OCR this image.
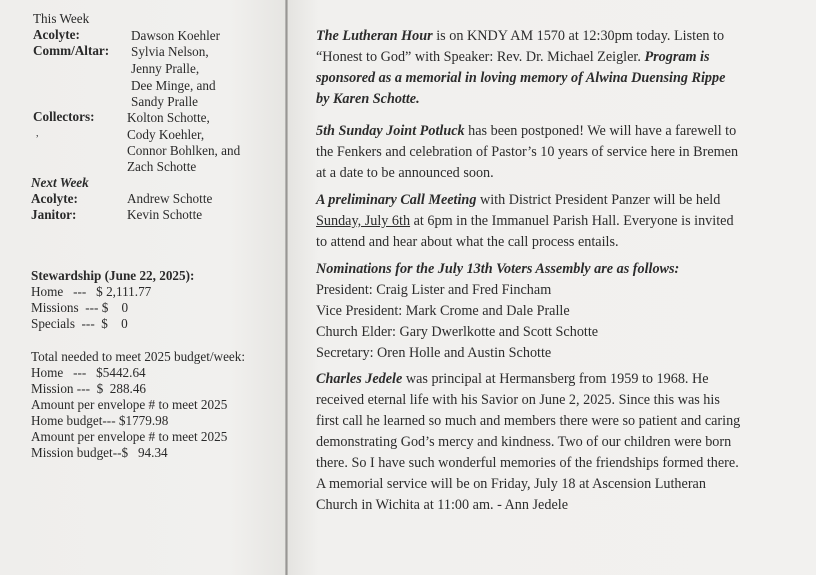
This Week
Acolyte:	Dawson Koehler
Comm/Altar: Sylvia Nelson,
Jenny Pralle,
Dee Minge, and
Sandy Pralle
Collectors: Kolton Schotte,
Cody Koehler,
Connor Bohlken, and
Zach Schotte
,
Next Week
Acolyte:	Andrew Schotte
Janitor:	Kevin Schotte
Stewardship (June 22, 2025):
Home   ---   $ 2,111.77
Missions  --- $    0
Specials  ---  $    0
Total needed to meet 2025 budget/week:
Home   ---   $5442.64
Mission ---  $  288.46
Amount per envelope # to meet 2025
Home budget--- $1779.98
Amount per envelope # to meet 2025
Mission budget--$   94.34
The Lutheran Hour is on KNDY AM 1570 at 12:30pm today. Listen to
“Honest to God” with Speaker: Rev. Dr. Michael Zeigler. Program is
sponsored as a memorial in loving memory of Alwina Duensing Rippe
by Karen Schotte.
5th Sunday Joint Potluck has been postponed! We will have a farewell to
the Fenkers and celebration of Pastor’s 10 years of service here in Bremen
at a date to be announced soon.
A preliminary Call Meeting with District President Panzer will be held
Sunday, July 6th at 6pm in the Immanuel Parish Hall. Everyone is invited
to attend and hear about what the call process entails.
Nominations for the July 13th Voters Assembly are as follows:
President: Craig Lister and Fred Fincham
Vice President: Mark Crome and Dale Pralle
Church Elder: Gary Dwerlkotte and Scott Schotte
Secretary: Oren Holle and Austin Schotte
Charles Jedele was principal at Hermansberg from 1959 to 1968. He
received eternal life with his Savior on June 2, 2025. Since this was his
first call he learned so much and members there were so patient and caring
demonstrating God’s mercy and kindness. Two of our children were born
there. So I have such wonderful memories of the friendships formed there.
A memorial service will be on Friday, July 18 at Ascension Lutheran
Church in Wichita at 11:00 am. - Ann Jedele
